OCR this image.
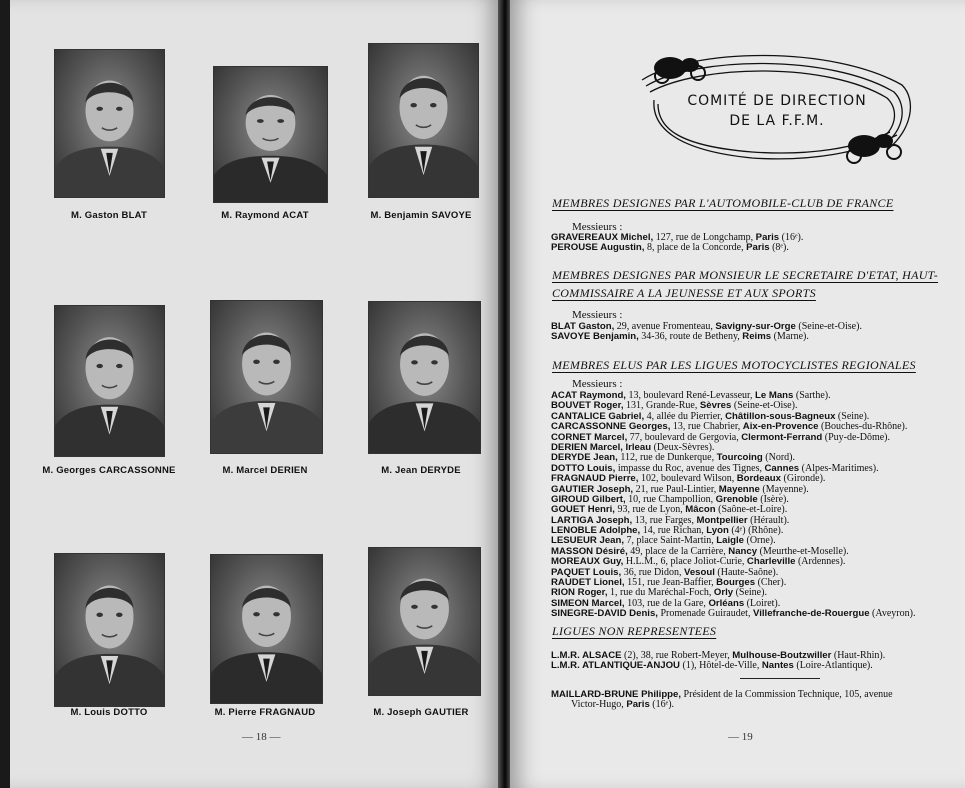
M. Gaston BLAT	M. Raymond ACAT	M. Benjamin SAVOYE
M. Georges CARCASSONNE	M. Marcel DERIEN	M. Jean DERYDE
M. Louis DOTTO	M. Pierre FRAGNAUD	M. Joseph GAUTIER
— 18 —
COMITÉ DE DIRECTION
DE LA F.F.M.
MEMBRES DESIGNES PAR L'AUTOMOBILE-CLUB DE FRANCE
Messieurs :
GRAVEREAUX Michel, 127, rue de Longchamp, Paris (16ᵉ).
PEROUSE Augustin, 8, place de la Concorde, Paris (8ᵉ).
MEMBRES DESIGNES PAR MONSIEUR LE SECRETAIRE D'ETAT, HAUT-
COMMISSAIRE A LA JEUNESSE ET AUX SPORTS
Messieurs :
BLAT Gaston, 29, avenue Fromenteau, Savigny-sur-Orge (Seine-et-Oise).
SAVOYE Benjamin, 34-36, route de Betheny, Reims (Marne).
MEMBRES ELUS PAR LES LIGUES MOTOCYCLISTES REGIONALES
Messieurs :
ACAT Raymond, 13, boulevard René-Levasseur, Le Mans (Sarthe).
BOUVET Roger, 131, Grande-Rue, Sèvres (Seine-et-Oise).
CANTALICE Gabriel, 4, allée du Pierrier, Châtillon-sous-Bagneux (Seine).
CARCASSONNE Georges, 13, rue Chabrier, Aix-en-Provence (Bouches-du-Rhône).
CORNET Marcel, 77, boulevard de Gergovia, Clermont-Ferrand (Puy-de-Dôme).
DERIEN Marcel, Irleau (Deux-Sèvres).
DERYDE Jean, 112, rue de Dunkerque, Tourcoing (Nord).
DOTTO Louis, impasse du Roc, avenue des Tignes, Cannes (Alpes-Maritimes).
FRAGNAUD Pierre, 102, boulevard Wilson, Bordeaux (Gironde).
GAUTIER Joseph, 21, rue Paul-Lintier, Mayenne (Mayenne).
GIROUD Gilbert, 10, rue Champollion, Grenoble (Isère).
GOUET Henri, 93, rue de Lyon, Mâcon (Saône-et-Loire).
LARTIGA Joseph, 13, rue Farges, Montpellier (Hérault).
LENOBLE Adolphe, 14, rue Richan, Lyon (4ᵉ) (Rhône).
LESUEUR Jean, 7, place Saint-Martin, Laigle (Orne).
MASSON Désiré, 49, place de la Carrière, Nancy (Meurthe-et-Moselle).
MOREAUX Guy, H.L.M., 6, place Joliot-Curie, Charleville (Ardennes).
PAQUET Louis, 36, rue Didon, Vesoul (Haute-Saône).
RAUDET Lionel, 151, rue Jean-Baffier, Bourges (Cher).
RION Roger, 1, rue du Maréchal-Foch, Orly (Seine).
SIMEON Marcel, 103, rue de la Gare, Orléans (Loiret).
SINEGRE-DAVID Denis, Promenade Guiraudet, Villefranche-de-Rouergue (Aveyron).
LIGUES NON REPRESENTEES
L.M.R. ALSACE (2), 38, rue Robert-Meyer, Mulhouse-Boutzwiller (Haut-Rhin).
L.M.R. ATLANTIQUE-ANJOU (1), Hôtel-de-Ville, Nantes (Loire-Atlantique).
MAILLARD-BRUNE Philippe, Président de la Commission Technique, 105, avenue
Victor-Hugo, Paris (16ᵉ).
— 19
